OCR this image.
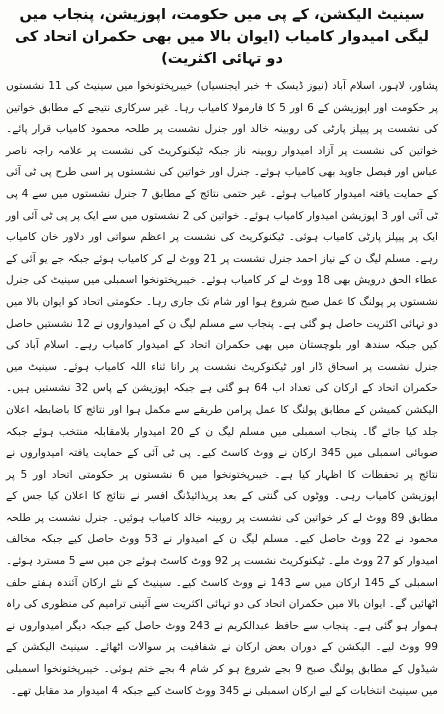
سینیٹ الیکشن، کے پی میں حکومت، اپوزیشن، پنجاب میں لیگی امیدوار کامیاب (ایوان بالا میں بھی حکمران اتحاد کی دو تہائی اکثریت)

پشاور، لاہور، اسلام آباد (نیوز ڈیسک + خبر ایجنسیاں) خیبرپختونخوا میں سینیٹ کی 11 نشستوں پر حکومت اور اپوزیشن کے 6 اور 5 کا فارمولا کامیاب رہا۔ غیر سرکاری نتیجے کے مطابق خواتین کی نشست پر پیپلز پارٹی کی روبینہ خالد اور جنرل نشست پر طلحہ محمود کامیاب قرار پائے۔ خواتین کی نشست پر آزاد امیدوار روبینہ ناز جبکہ ٹیکنوکریٹ کی نشست پر علامہ راجہ ناصر عباس اور فیصل جاوید بھی کامیاب ہوئے۔ جنرل اور خواتین کی نشستوں پر اسی طرح پی ٹی آئی کے حمایت یافتہ امیدوار کامیاب ہوئے۔ غیر حتمی نتائج کے مطابق 7 جنرل نشستوں میں سے 4 پی ٹی آئی اور 3 اپوزیشن امیدوار کامیاب ہوئے۔ خواتین کی 2 نشستوں میں سے ایک پر پی ٹی آئی اور ایک پر پیپلز پارٹی کامیاب ہوئی۔ ٹیکنوکریٹ کی نشست پر اعظم سواتی اور دلاور خان کامیاب رہے۔ مسلم لیگ ن کے نیاز احمد جنرل نشست پر 21 ووٹ لے کر کامیاب ہوئے جبکہ جے یو آئی کے عطاء الحق درویش بھی 18 ووٹ لے کر کامیاب ہوئے۔ خیبرپختونخوا اسمبلی میں سینیٹ کی جنرل نشستوں پر پولنگ کا عمل صبح شروع ہوا اور شام تک جاری رہا۔ حکومتی اتحاد کو ایوان بالا میں دو تہائی اکثریت حاصل ہو گئی ہے۔ پنجاب سے مسلم لیگ ن کے امیدواروں نے 12 نشستیں حاصل کیں جبکہ سندھ اور بلوچستان میں بھی حکمران اتحاد کے امیدوار کامیاب رہے۔ اسلام آباد کی جنرل نشست پر اسحاق ڈار اور ٹیکنوکریٹ نشست پر رانا ثناء اللہ کامیاب ہوئے۔ سینیٹ میں حکمران اتحاد کے ارکان کی تعداد اب 64 ہو گئی ہے جبکہ اپوزیشن کے پاس 32 نشستیں ہیں۔ الیکشن کمیشن کے مطابق پولنگ کا عمل پرامن طریقے سے مکمل ہوا اور نتائج کا باضابطہ اعلان جلد کیا جائے گا۔ پنجاب اسمبلی میں مسلم لیگ ن کے 20 امیدوار بلامقابلہ منتخب ہوئے جبکہ صوبائی اسمبلی میں 345 ارکان نے ووٹ کاسٹ کیے۔ پی ٹی آئی کے حمایت یافتہ امیدواروں نے نتائج پر تحفظات کا اظہار کیا ہے۔ خیبرپختونخوا میں 6 نشستوں پر حکومتی اتحاد اور 5 پر اپوزیشن کامیاب رہی۔ ووٹوں کی گنتی کے بعد پریذائیڈنگ افسر نے نتائج کا اعلان کیا جس کے مطابق 89 ووٹ لے کر خواتین کی نشست پر روبینہ خالد کامیاب ہوئیں۔ جنرل نشست پر طلحہ محمود نے 22 ووٹ حاصل کیے۔ مسلم لیگ ن کے امیدوار نے 53 ووٹ حاصل کیے جبکہ مخالف امیدوار کو 27 ووٹ ملے۔ ٹیکنوکریٹ نشست پر 92 ووٹ کاسٹ ہوئے جن میں سے 5 مسترد ہوئے۔ اسمبلی کے 145 ارکان میں سے 143 نے ووٹ کاسٹ کیے۔ سینیٹ کے نئے ارکان آئندہ ہفتے حلف اٹھائیں گے۔ ایوان بالا میں حکمران اتحاد کی دو تہائی اکثریت سے آئینی ترامیم کی منظوری کی راہ ہموار ہو گئی ہے۔ پنجاب سے حافظ عبدالکریم نے 243 ووٹ حاصل کیے جبکہ دیگر امیدواروں نے 99 ووٹ لیے۔ الیکشن کے دوران بعض ارکان نے شفافیت پر سوالات اٹھائے۔ سینیٹ الیکشن کے شیڈول کے مطابق پولنگ صبح 9 بجے شروع ہو کر شام 4 بجے ختم ہوئی۔ خیبرپختونخوا اسمبلی میں سینیٹ انتخابات کے لیے ارکان اسمبلی نے 345 ووٹ کاسٹ کیے جبکہ 4 امیدوار مد مقابل تھے۔
